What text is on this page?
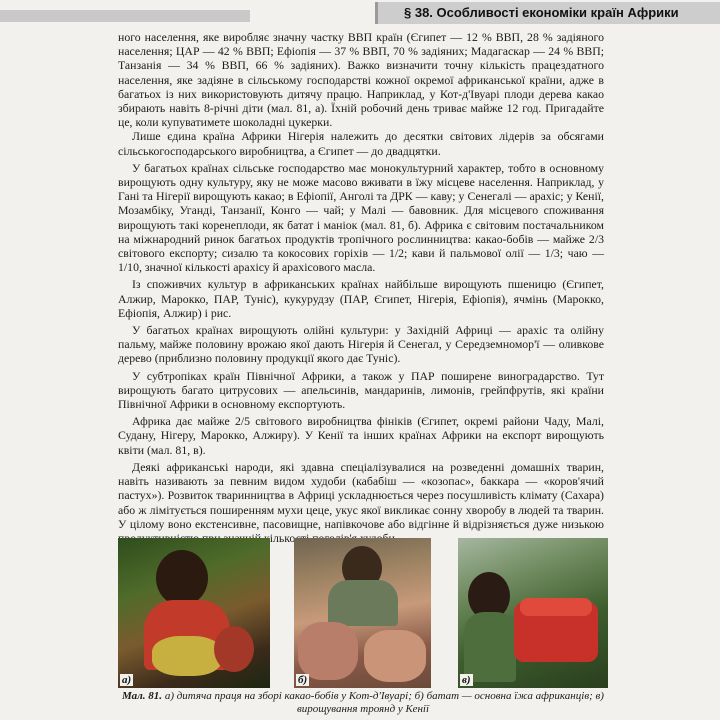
§ 38. Особливості економіки країн Африки

ного населення, яке виробляє значну частку ВВП країн (Єгипет — 12 % ВВП, 28 % задіяного населення; ЦАР — 42 % ВВП; Ефіопія — 37 % ВВП, 70 % задіяних; Мадагаскар — 24 % ВВП; Танзанія — 34 % ВВП, 66 % задіяних). Важко визначити точну кількість працездатного населення, яке задіяне в сільському господарстві кожної окремої африканської країни, адже в багатьох із них використовують дитячу працю. Наприклад, у Кот-д'Івуарі плоди дерева какао збирають навіть 8-річні діти (мал. 81, а). Їхній робочий день триває майже 12 год. Пригадайте це, коли купуватимете шоколадні цукерки.

Лише єдина країна Африки Нігерія належить до десятки світових лідерів за обсягами сільськогосподарського виробництва, а Єгипет — до двадцятки.

У багатьох країнах сільське господарство має монокультурний характер, тобто в основному вирощують одну культуру, яку не може масово вживати в їжу місцеве населення. Наприклад, у Гані та Нігерії вирощують какао; в Ефіопії, Анголі та ДРК — каву; у Сенегалі — арахіс; у Кенії, Мозамбіку, Уганді, Танзанії, Конго — чай; у Малі — бавовник. Для місцевого споживання вирощують такі коренеплоди, як батат і маніок (мал. 81, б). Африка є світовим постачальником на міжнародний ринок багатьох продуктів тропічного рослинництва: какао-бобів — майже 2/3 світового експорту; сизалю та кокосових горіхів — 1/2; кави й пальмової олії — 1/3; чаю — 1/10, значної кількості арахісу й арахісового масла.

Із споживчих культур в африканських країнах найбільше вирощують пшеницю (Єгипет, Алжир, Марокко, ПАР, Туніс), кукурудзу (ПАР, Єгипет, Нігерія, Ефіопія), ячмінь (Марокко, Ефіопія, Алжир) і рис.

У багатьох країнах вирощують олійні культури: у Західній Африці — арахіс та олійну пальму, майже половину врожаю якої дають Нігерія й Сенегал, у Середземномор'ї — оливкове дерево (приблизно половину продукції якого дає Туніс).

У субтропіках країн Північної Африки, а також у ПАР поширене виноградарство. Тут вирощують багато цитрусових — апельсинів, мандаринів, лимонів, грейпфрутів, які країни Північної Африки в основному експортують.

Африка дає майже 2/5 світового виробництва фініків (Єгипет, окремі райони Чаду, Малі, Судану, Нігеру, Марокко, Алжиру). У Кенії та інших країнах Африки на експорт вирощують квіти (мал. 81, в).

Деякі африканські народи, які здавна спеціалізувалися на розведенні домашніх тварин, навіть називають за певним видом худоби (кабабіш — «козопас», баккара — «коров'ячий пастух»). Розвиток тваринництва в Африці ускладнюється через посушливість клімату (Сахара) або ж лімітується поширенням мухи цеце, укус якої викликає сонну хворобу в людей та тварин. У цілому воно екстенсивне, пасовищне, напівкочове або відгінне й відрізняється дуже низькою кількості

а)	б)	в)
Мал. 81. а) дитяча праця на зборі какао-бобів у Кот-д'Івуарі; б) батат — основна їжа африканців; в) вирощування троянд у Кенії
